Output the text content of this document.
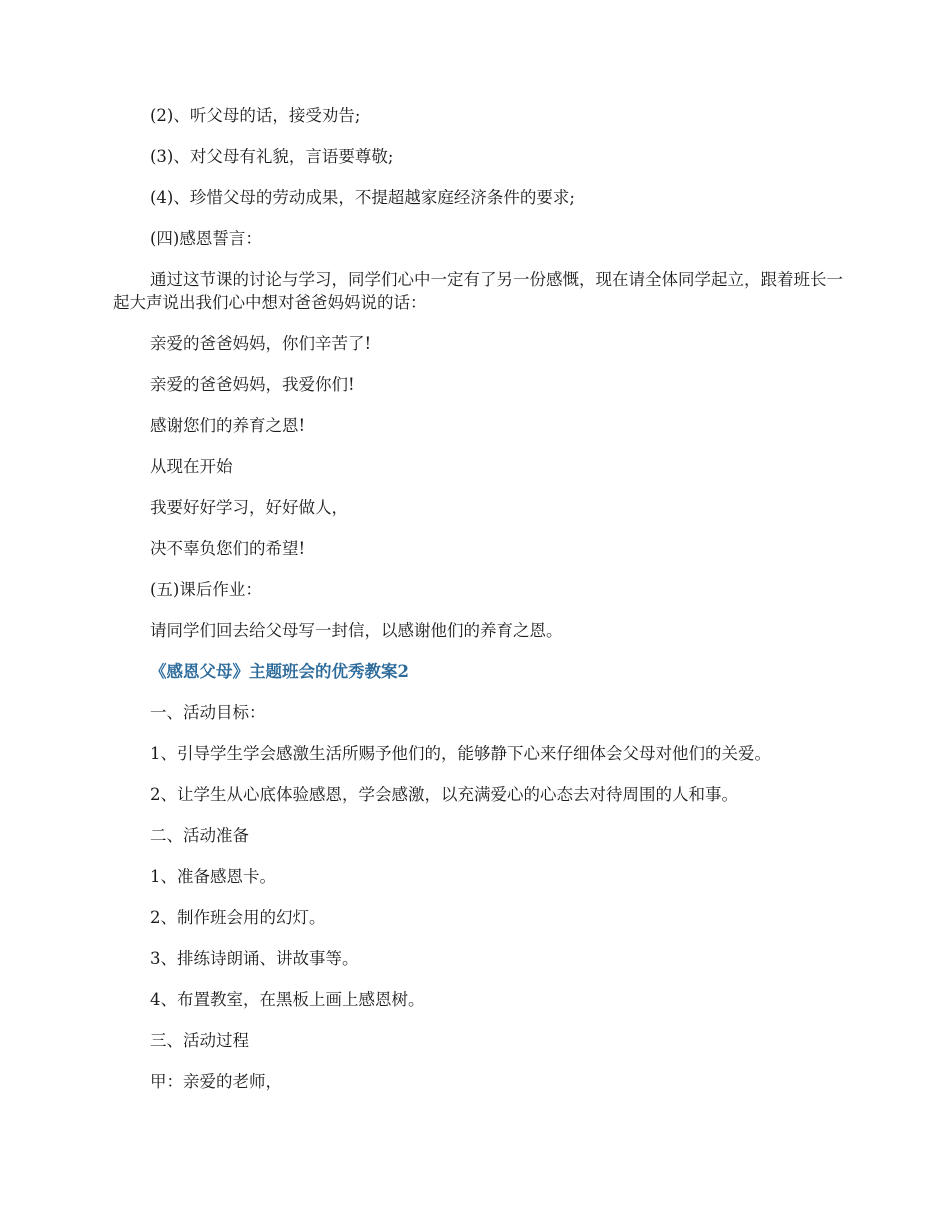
(2)、听父母的话，接受劝告;

(3)、对父母有礼貌，言语要尊敬;

(4)、珍惜父母的劳动成果，不提超越家庭经济条件的要求;

(四)感恩誓言：

通过这节课的讨论与学习，同学们心中一定有了另一份感慨，现在请全体同学起立，跟着班长一起大声说出我们心中想对爸爸妈妈说的话：

亲爱的爸爸妈妈，你们辛苦了!

亲爱的爸爸妈妈，我爱你们!

感谢您们的养育之恩!

从现在开始

我要好好学习，好好做人，

决不辜负您们的希望!

(五)课后作业：

请同学们回去给父母写一封信，以感谢他们的养育之恩。

《感恩父母》主题班会的优秀教案2

一、活动目标：

1、引导学生学会感激生活所赐予他们的，能够静下心来仔细体会父母对他们的关爱。

2、让学生从心底体验感恩，学会感激，以充满爱心的心态去对待周围的人和事。

二、活动准备

1、准备感恩卡。

2、制作班会用的幻灯。

3、排练诗朗诵、讲故事等。

4、布置教室，在黑板上画上感恩树。

三、活动过程

甲：亲爱的老师，
